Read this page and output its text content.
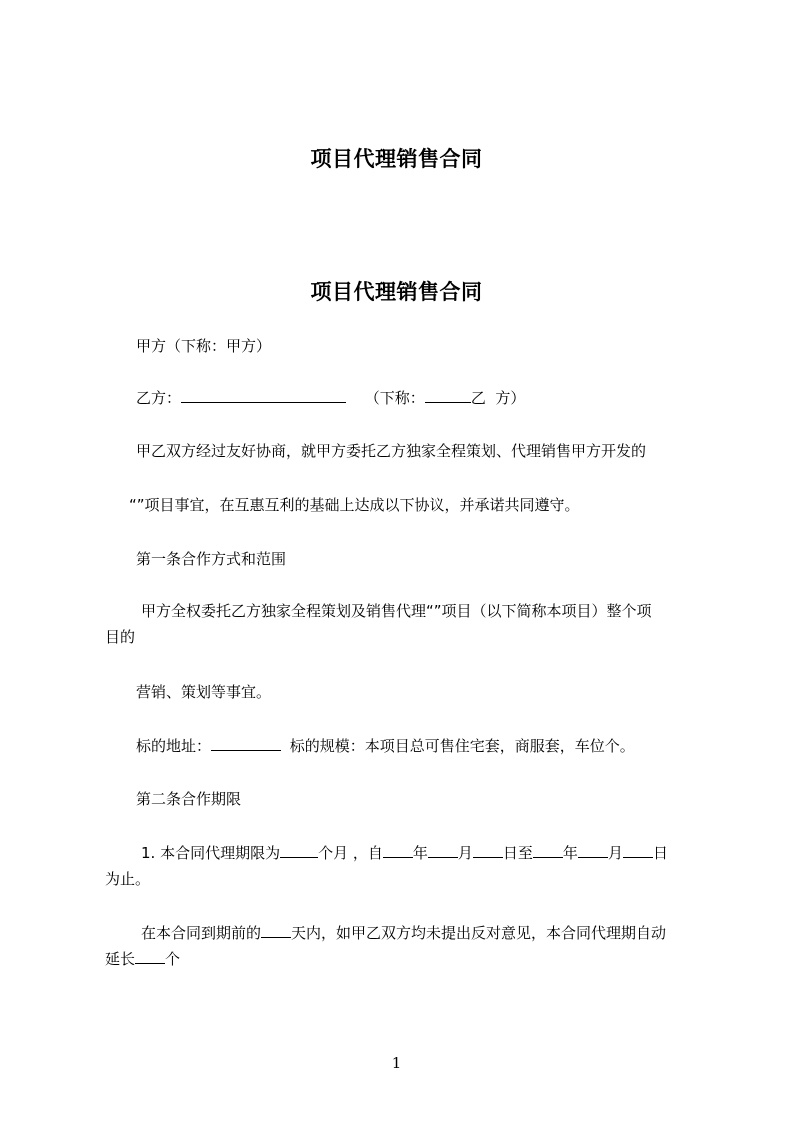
项目代理销售合同
项目代理销售合同
甲方（下称：甲方）
乙方：	（下称：	乙  方）
甲乙双方经过友好协商，就甲方委托乙方独家全程策划、代理销售甲方开发的
“”项目事宜，在互惠互利的基础上达成以下协议，并承诺共同遵守。
第一条合作方式和范围
甲方全权委托乙方独家全程策划及销售代理“”项目（以下简称本项目）整个项
目的
营销、策划等事宜。
标的地址：	标的规模：本项目总可售住宅套，商服套，车位个。
第二条合作期限
1. 本合同代理期限为	个月 ，自 年 月 日至 年 月 日
为止。
在本合同到期前的 天内，如甲乙双方均未提出反对意见，本合同代理期自动
延长 个
1
